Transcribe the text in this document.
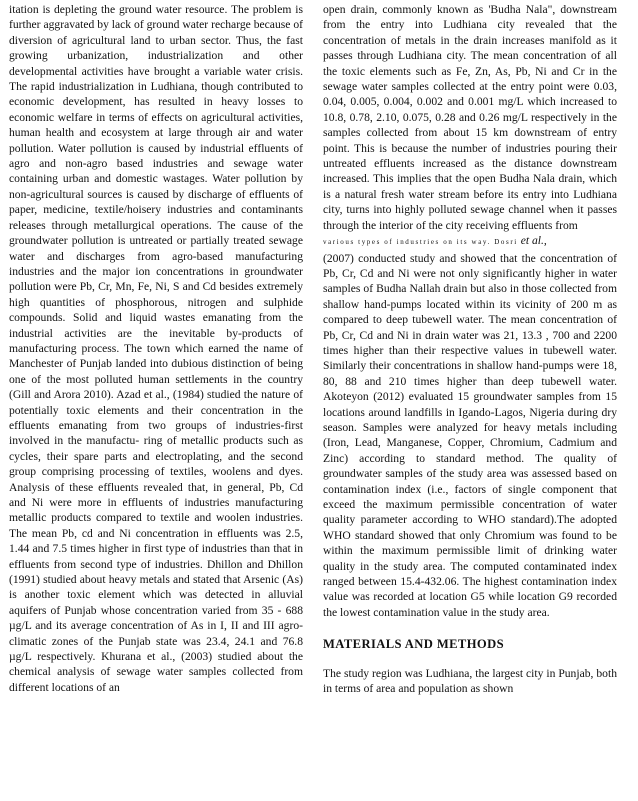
itation is depleting the ground water resource. The problem is further aggravated by lack of ground water recharge because of diversion of agricultural land to urban sector. Thus, the fast growing urbanization, industrialization and other developmental activities have brought a variable water crisis. The rapid industrialization in Ludhiana, though contributed to economic development, has resulted in heavy losses to economic welfare in terms of effects on agricultural activities, human health and ecosystem at large through air and water pollution. Water pollution is caused by industrial effluents of agro and non-agro based industries and sewage water containing urban and domestic wastages. Water pollution by non-agricultural sources is caused by discharge of effluents of paper, medicine, textile/hoisery industries and contaminants releases through metallurgical operations. The cause of the groundwater pollution is untreated or partially treated sewage water and discharges from agro-based manufacturing industries and the major ion concentrations in groundwater pollution were Pb, Cr, Mn, Fe, Ni, S and Cd besides extremely high quantities of phosphorous, nitrogen and sulphide compounds. Solid and liquid wastes emanating from the industrial activities are the inevitable by-products of manufacturing process. The town which earned the name of Manchester of Punjab landed into dubious distinction of being one of the most polluted human settlements in the country (Gill and Arora 2010). Azad et al., (1984) studied the nature of potentially toxic elements and their concentration in the effluents emanating from two groups of industries-first involved in the manufactu- ring of metallic products such as cycles, their spare parts and electroplating, and the second group comprising processing of textiles, woolens and dyes. Analysis of these effluents revealed that, in general, Pb, Cd and Ni were more in effluents of industries manufacturing metallic products compared to textile and woolen industries. The mean Pb, cd and Ni concentration in effluents was 2.5, 1.44 and 7.5 times higher in first type of industries than that in effluents from second type of industries. Dhillon and Dhillon (1991) studied about heavy metals and stated that Arsenic (As) is another toxic element which was detected in alluvial aquifers of Punjab whose concentration varied from 35 - 688 µg/L and its average concentration of As in I, II and III agro-climatic zones of the Punjab state was 23.4, 24.1 and 76.8 µg/L respectively. Khurana et al., (2003) studied about the chemical analysis of sewage water samples collected from different locations of an

open drain, commonly known as 'Budha Nala", downstream from the entry into Ludhiana city revealed that the concentration of metals in the drain increases manifold as it passes through Ludhiana city. The mean concentration of all the toxic elements such as Fe, Zn, As, Pb, Ni and Cr in the sewage water samples collected at the entry point were 0.03, 0.04, 0.005, 0.004, 0.002 and 0.001 mg/L which increased to 10.8, 0.78, 2.10, 0.075, 0.28 and 0.26 mg/L respectively in the samples collected from about 15 km downstream of entry point. This is because the number of industries pouring their untreated effluents increased as the distance downstream increased. This implies that the open Budha Nala drain, which is a natural fresh water stream before its entry into Ludhiana city, turns into highly polluted sewage channel when it passes through the interior of the city receiving effluents from

various types of industries on its way. Dosri et al.,

(2007) conducted study and showed that the concentration of Pb, Cr, Cd and Ni were not only significantly higher in water samples of Budha Nallah drain but also in those collected from shallow hand-pumps located within its vicinity of 200 m as compared to deep tubewell water. The mean concentration of Pb, Cr, Cd and Ni in drain water was 21, 13.3 , 700 and 2200 times higher than their respective values in tubewell water. Similarly their concentrations in shallow hand-pumps were 18, 80, 88 and 210 times higher than deep tubewell water. Akoteyon (2012) evaluated 15 groundwater samples from 15 locations around landfills in Igando-Lagos, Nigeria during dry season. Samples were analyzed for heavy metals including (Iron, Lead, Manganese, Copper, Chromium, Cadmium and Zinc) according to standard method. The quality of groundwater samples of the study area was assessed based on contamination index (i.e., factors of single component that exceed the maximum permissible concentration of water quality parameter according to WHO standard).The adopted WHO standard showed that only Chromium was found to be within the maximum permissible limit of drinking water quality in the study area. The computed contaminated index ranged between 15.4-432.06. The highest contamination index value was recorded at location G5 while location G9 recorded the lowest contamination value in the study area.

MATERIALS AND METHODS

The study region was Ludhiana, the largest city in Punjab, both in terms of area and population as shown
